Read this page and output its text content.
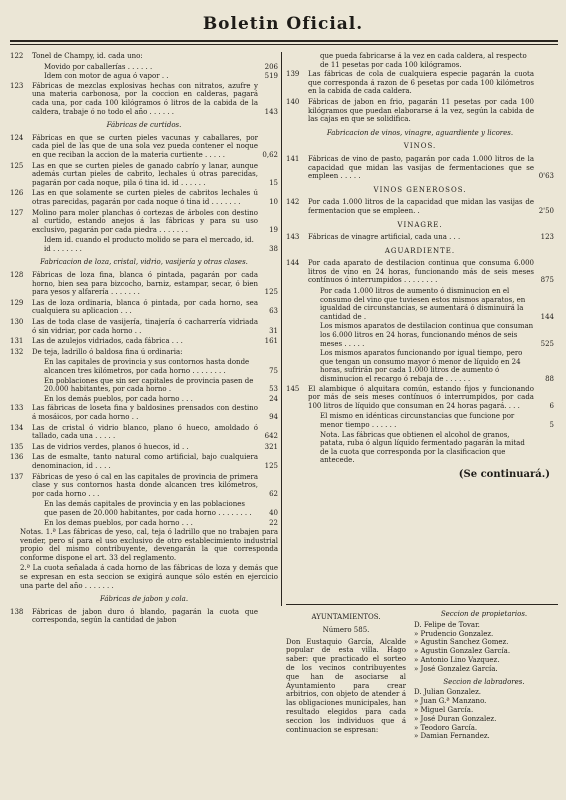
Boletin Oficial.
122	Tonel de Champy, id. cada uno:
Movido por caballerías . . . . . .	206
Idem con motor de agua ó vapor . .	519
123	Fábricas de mezclas explosivas hechas con nitratos, azufre y una materia carbonosa, por la coccion en calderas, pagará cada una, por cada 100 kilógramos ó litros de la cabida de la caldera, trabaje ó no todo el año . . . . . .	143
Fábricas de curtidos.
124	Fábricas en que se curten pieles vacunas y caballares, por cada piel de las que de una sola vez pueda contener el noque en que reciban la accion de la materia curtiente . . . . .	0,62
125	Las en que se curten pieles de ganado cabrío y lanar, aunque además curtan pieles de cabrito, lechales ú otras parecidas, pagarán por cada noque, pila ó tina id. id . . . . . .	15
126	Las en que solamente se curten pieles de cabritos lechales ú otras parecidas, pagarán por cada noque ó tina id . . . . . . .	10
127	Molino para moler planchas ó cortezas de árboles con destino al curtido, estando anejos á las fábricas y para su uso exclusivo, pagarán por cada piedra . . . . . . .	19
Idem id. cuando el producto molido se para el mercado, id. id . . . . . . .	38
Fabricacion de loza, cristal, vidrio, vasijería y otras clases.
128	Fábricas de loza fina, blanca ó pintada, pagarán por cada horno, bien sea para bizcocho, barniz, estampar, secar, ó bien para yesos y alfarería . . . . . . .	125
129	Las de loza ordinaria, blanca ó pintada, por cada horno, sea cualquiera su aplicacion . . .	63
130	Las de toda clase de vasijería, tinajería ó cacharrería vidriada ó sin vidriar, por cada horno . .	31
131	Las de azulejos vidriados, cada fábrica . . .	161
132	De teja, ladrillo ó baldosa fina ú ordinaria:
En las capitales de provincia y sus contornos hasta donde alcancen tres kilómetros, por cada horno . . . . . . . .	75
En poblaciones que sin ser capitales de provincia pasen de 20.000 habitantes, por cada horno .	53
En los demás pueblos, por cada horno . . .	24
133	Las fábricas de loseta fina y baldosines prensados con destino á mosáicos, por cada horno . .	94
134	Las de cristal ó vidrio blanco, plano ó hueco, amoldado ó tallado, cada una . . . . .	642
135	Las de vidrios verdes, planos ó huecos, id . .	321
136	Las de esmalte, tanto natural como artificial, bajo cualquiera denominacion, id . . . .	125
137	Fábricas de yeso ó cal en las capitales de provincia de primera clase y sus contornos hasta donde alcancen tres kilómetros, por cada horno . . .	62
En las demás capitales de provincia y en las poblaciones que pasen de 20.000 habitantes, por cada horno . . . . . . . .	40
En los demas pueblos, por cada horno . . .	22
Notas. 1.ª Las fábricas de yeso, cal, teja ó ladrillo que no trabajen para vender, pero sí para el uso exclusivo de otro establecimiento industrial propio del mismo contribuyente, devengarán la que corresponda conforme dispone el art. 33 del reglamento.
2.ª La cuota señalada á cada horno de las fábricas de loza y demás que se expresan en esta seccion se exigirá aunque sólo estén en ejercicio una parte del año . . . . . . .
Fábricas de jabon y cola.
138	Fábricas de jabon duro ó blando, pagarán la cuota que corresponda, según la cantidad de jabon
que pueda fabricarse á la vez en cada caldera, al respecto de 11 pesetas por cada 100 kilógramos.
139	Las fábricas de cola de cualquiera especie pagarán la cuota que corresponda á razon de 6 pesetas por cada 100 kilómetros en la cabida de cada caldera.
140	Fábricas de jabon en frio, pagarán 11 pesetas por cada 100 kilógramos que puedan elaborarse á la vez, según la cabida de las cajas en que se solidifica.
Fabricacion de vinos, vinagre, aguardiente y licores.
VINOS.
141	Fábricas de vino de pasto, pagarán por cada 1.000 litros de la capacidad que midan las vasijas de fermentaciones que se empleen . . . . .	0'63
VINOS GENEROSOS.
142	Por cada 1.000 litros de la capacidad que midan las vasijas de fermentacion que se empleen. .	2'50
VINAGRE.
143	Fábricas de vinagre artificial, cada una . . .	123
AGUARDIENTE.
144	Por cada aparato de destilacion continua que consuma 6.000 litros de vino en 24 horas, funcionando más de seis meses contínuos ó interrumpidos . . . . . . . .	875
Por cada 1.000 litros de aumento ó disminucion en el consumo del vino que tuviesen estos mismos aparatos, en igualdad de circunstancias, se aumentará ó disminuirá la cantidad de .	144
Los mismos aparatos de destilacion continua que consuman los 6.000 litros en 24 horas, funcionando ménos de seis meses . . . . .	525
Los mismos aparatos funcionando por igual tiempo, pero que tengan un consumo mayor ó menor de líquido en 24 horas, sufrirán por cada 1.000 litros de aumento ó disminucion el recargo ó rebaja de . . . . . .	88
145	El alambique ó alquitara común, estando fijos y funcionando por más de seis meses contínuos ó interrumpidos, por cada 100 litros de líquido que consuman en 24 horas pagará. . . .	6
El mismo en idénticas circunstancias que funcione por menor tiempo . . . . . .	5
Nota. Las fábricas que obtienen el alcohol de granos, patata, ruba ó algun líquido fermentado pagarán la mitad de la cuota que corresponda por la clasificacion que antecede.
(Se continuará.)
AYUNTAMIENTOS.
Número 585.
Don Eustaquio García, Alcalde popular de esta villa. Hago saber: que practicado el sorteo de los vecinos contribuyentes que han de asociarse al Ayuntamiento para crear arbitrios, con objeto de atender á las obligaciones municipales, han resultado elegidos para cada seccion los individuos que á continuacion se espresan:
Seccion de propietarios.
D. Felipe de Tovar.
» Prudencio Gonzalez.
» Agustin Sanchez Gomez.
» Agustin Gonzalez García.
» Antonio Lino Vazquez.
» José Gonzalez García.
Seccion de labradores.
D. Julian Gonzalez.
» Juan G.ª Manzano.
» Miguel García.
» José Duran Gonzalez.
» Teodoro García.
» Damian Fernandez.
